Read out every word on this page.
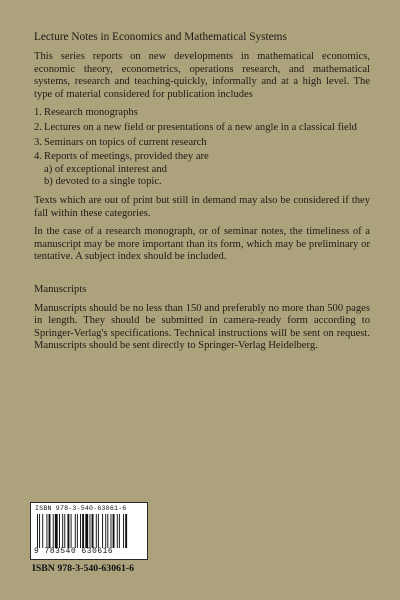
Lecture Notes in Economics and Mathematical Systems

This series reports on new developments in mathematical economics, economic theory, econometrics, operations research, and mathematical systems, research and teaching-quickly, informally and at a high level. The type of material considered for publication includes

1. Research monographs
2. Lectures on a new field or presentations of a new angle in a classical field
3. Seminars on topics of current research
4. Reports of meetings, provided they are
a) of exceptional interest and
b) devoted to a single topic.

Texts which are out of print but still in demand may also be considered if they fall within these categories.

In the case of a research monograph, or of seminar notes, the timeliness of a manuscript may be more important than its form, which may be preliminary or tentative. A subject index should be included.

Manuscripts

Manuscripts should be no less than 150 and preferably no more than 500 pages in length. They should be submitted in camera-ready form according to Springer-Verlag's specifications. Technical instructions will be sent on request. Manuscripts should be sent directly to Springer-Verlag Heidelberg.

ISBN 978-3-540-63061-6
9 783540 630616
ISBN 978-3-540-63061-6
